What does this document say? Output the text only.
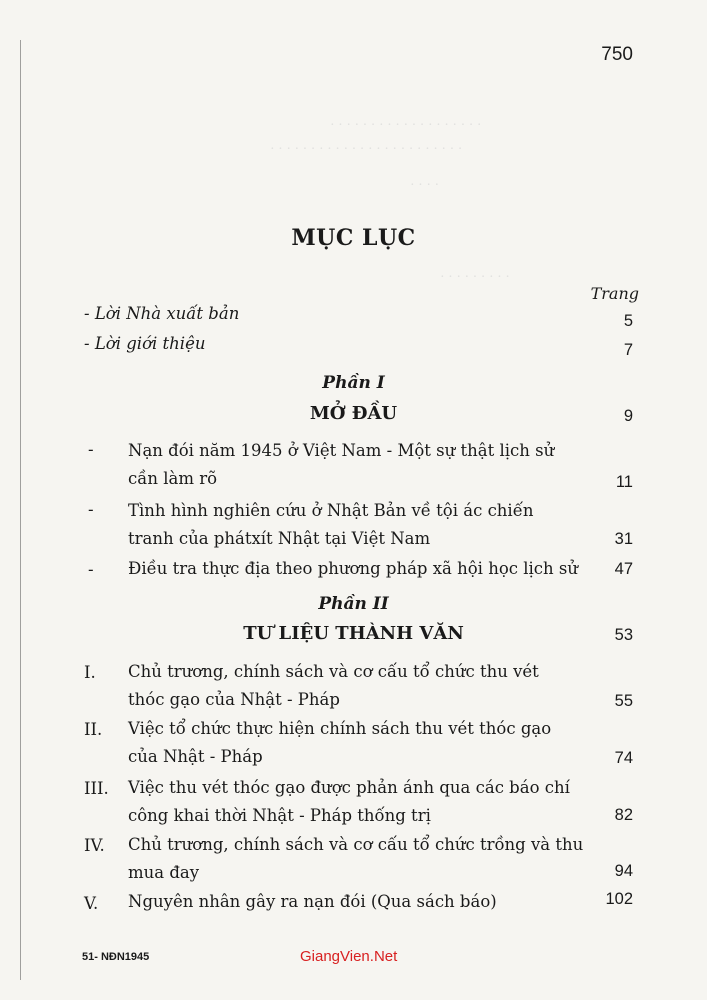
· · · · · · · · · · · · · · · · · · ·
· · · · · · · · · · · · · · · · · · · · · · · ·
· · · ·
· · · · · · · · ·
750
MỤC LỤC
Trang
- Lời Nhà xuất bản	5
- Lời giới thiệu	7
Phần I
MỞ ĐẦU	9
- Nạn đói năm 1945 ở Việt Nam - Một sự thật lịch sử
cần làm rõ	11
- Tình hình nghiên cứu ở Nhật Bản về tội ác chiến
tranh của phátxít Nhật tại Việt Nam	31
- Điều tra thực địa theo phương pháp xã hội học lịch sử 47
Phần II
TƯ LIỆU THÀNH VĂN	53
I. Chủ trương, chính sách và cơ cấu tổ chức thu vét
thóc gạo của Nhật - Pháp	55
II. Việc tổ chức thực hiện chính sách thu vét thóc gạo
của Nhật - Pháp	74
III. Việc thu vét thóc gạo được phản ánh qua các báo chí
công khai thời Nhật - Pháp thống trị	82
IV. Chủ trương, chính sách và cơ cấu tổ chức trồng và thu
mua đay	94
V. Nguyên nhân gây ra nạn đói (Qua sách báo)	102
51- NĐN1945	GiangVien.Net
